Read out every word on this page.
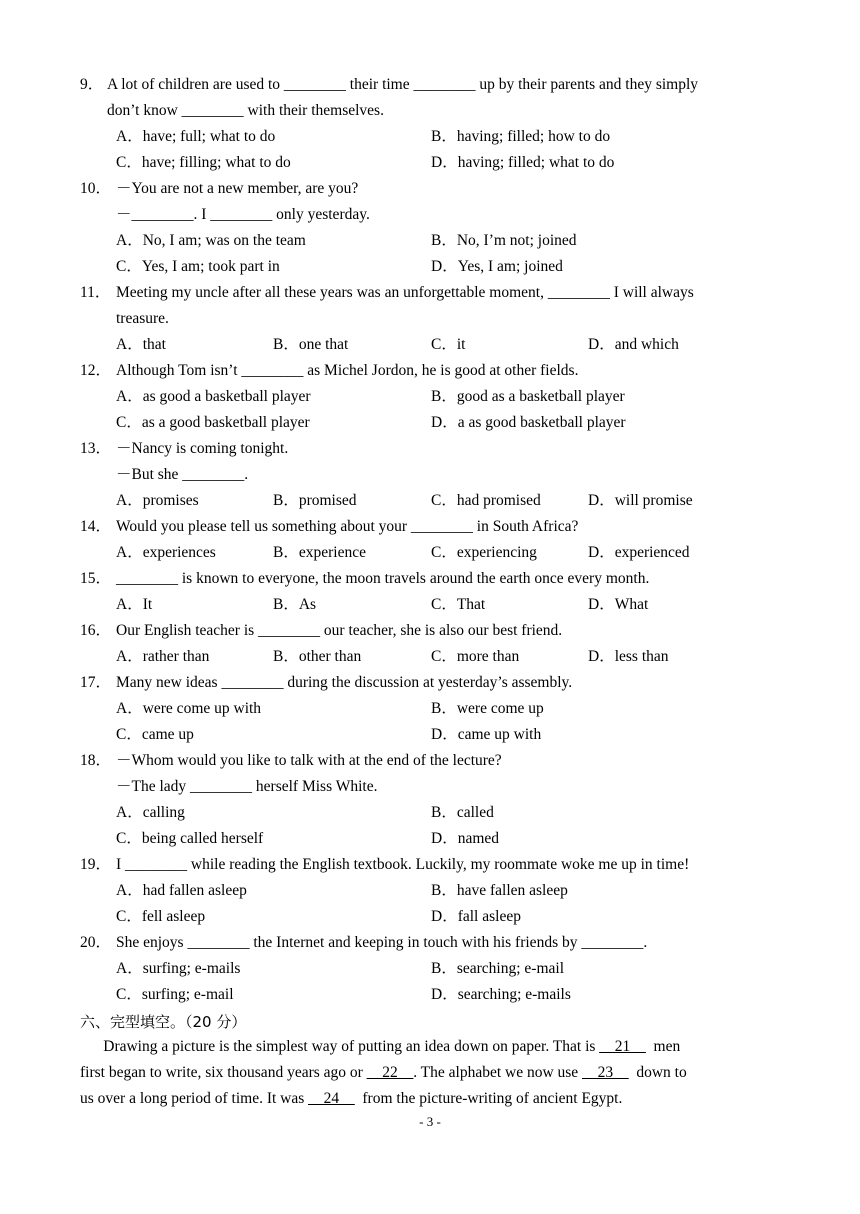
9． A lot of children are used to ________ their time ________ up by their parents and they simply
don’t know ________ with their themselves.
A．have; full; what to do	B．having; filled; how to do
C．have; filling; what to do	D．having; filled; what to do
10． －You are not a new member, are you?
－________. I ________ only yesterday.
A．No, I am; was on the team	B．No, I’m not; joined
C．Yes, I am; took part in	D．Yes, I am; joined
11． Meeting my uncle after all these years was an unforgettable moment, ________ I will always
treasure.
A．that	B．one that	C．it	D．and which
12． Although Tom isn’t ________ as Michel Jordon, he is good at other fields.
A．as good a basketball player	B．good as a basketball player
C．as a good basketball player	D．a as good basketball player
13． －Nancy is coming tonight.
－But she ________.
A．promises	B．promised	C．had promised	D．will promise
14． Would you please tell us something about your ________ in South Africa?
A．experiences	B．experience	C．experiencing	D．experienced
15． ________ is known to everyone, the moon travels around the earth once every month.
A．It	B．As	C．That	D．What
16． Our English teacher is ________ our teacher, she is also our best friend.
A．rather than	B．other than	C．more than	D．less than
17． Many new ideas ________ during the discussion at yesterday’s assembly.
A．were come up with	B．were come up
C．came up	D．came up with
18． －Whom would you like to talk with at the end of the lecture?
－The lady ________ herself Miss White.
A．calling	B．called
C．being called herself	D．named
19． I ________ while reading the English textbook. Luckily, my roommate woke me up in time!
A．had fallen asleep	B．have fallen asleep
C．fell asleep	D．fall asleep
20． She enjoys ________ the Internet and keeping in touch with his friends by ________.
A．surfing; e-mails	B．searching; e-mail
C．surfing; e-mail	D．searching; e-mails
六、完型填空。（20 分）
Drawing a picture is the simplest way of putting an idea down on paper. That is __21__  men
first began to write, six thousand years ago or __22__. The alphabet we now use __23__  down to
us over a long period of time. It was __24__  from the picture-writing of ancient Egypt.
- 3 -
